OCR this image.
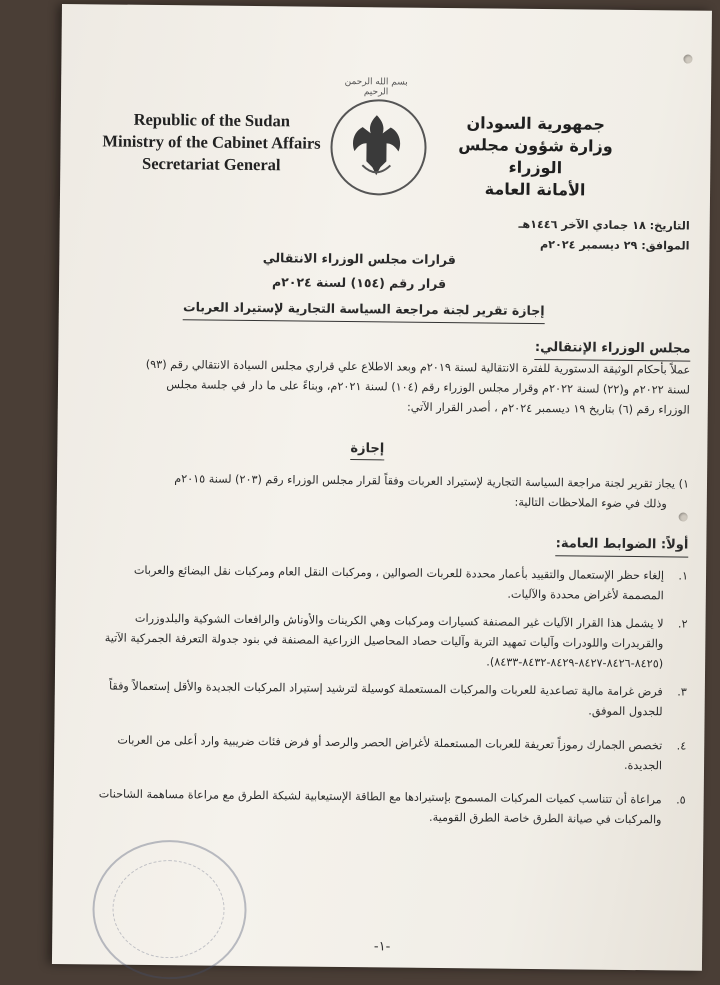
Republic of the Sudan
Ministry of the Cabinet Affairs
Secretariat General
بسم الله الرحمن الرحيم
جمهورية السودان
وزارة شؤون مجلس الوزراء
الأمانة العامة
التاريخ: ١٨ جمادي الآخر ١٤٤٦هـ
الموافق: ٢٩ ديسمبر ٢٠٢٤م
قرارات مجلس الوزراء الانتقالي
قرار رقم (١٥٤) لسنة ٢٠٢٤م
إجازة تقرير لجنة مراجعة السياسة التجارية لإستيراد العربات
مجلس الوزراء الإنتقالي:
عملاً بأحكام الوثيقة الدستورية للفترة الانتقالية لسنة ٢٠١٩م وبعد الاطلاع علي قراري مجلس السيادة الانتقالي رقم (٩٣)
لسنة ٢٠٢٢م و(٢٢) لسنة ٢٠٢٢م وقرار مجلس الوزراء رقم (١٠٤) لسنة ٢٠٢١م، وبناءً على ما دار في جلسة مجلس
الوزراء رقم (٦) بتاريخ ١٩ ديسمبر ٢٠٢٤م ، أصدر القرار الآتي:
إجازة
١) يجاز تقرير لجنة مراجعة السياسة التجارية لإستيراد العربات وفقاً لقرار مجلس الوزراء رقم (٢٠٣) لسنة ٢٠١٥م
وذلك في ضوء الملاحظات التالية:
أولاً: الضوابط العامة:
١.
إلغاء حظر الإستعمال والتقييد بأعمار محددة للعربات الصوالين ، ومركبات النقل العام ومركبات نقل البضائع والعربات
المصممة لأغراض محددة والآليات.
٢.
لا يشمل هذا القرار الآليات غير المصنفة كسيارات ومركبات وهي الكرينات والأوناش والرافعات الشوكية والبلدوزرات
والقريدرات واللودرات وآليات تمهيد التربة وآليات حصاد المحاصيل الزراعية المصنفة في بنود جدولة التعرفة الجمركية الآتية
(٨٤٢٥-٨٤٢٦-٨٤٢٧-٨٤٢٩-٨٤٣٢-٨٤٣٣).
٣.
فرض غرامة مالية تصاعدية للعربات والمركبات المستعملة كوسيلة لترشيد إستيراد المركبات الجديدة والأقل إستعمالاً وفقاً
للجدول الموفق.
٤.
تخصص الجمارك رموزاً تعريفة للعربات المستعملة لأغراض الحصر والرصد أو فرض فئات ضريبية وارد أعلى من العربات
الجديدة.
٥.
مراعاة أن تتناسب كميات المركبات المسموح بإستيرادها مع الطاقة الإستيعابية لشبكة الطرق مع مراعاة مساهمة الشاحنات
والمركبات في صيانة الطرق خاصة الطرق القومية.
-١-
